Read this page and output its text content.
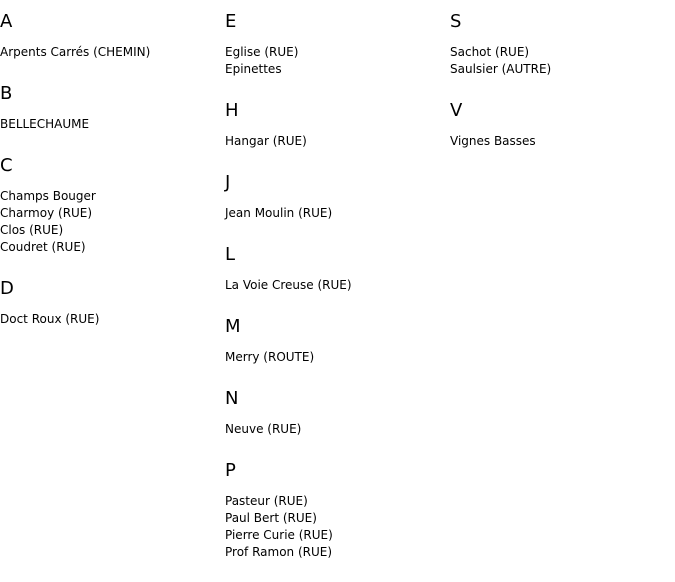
A
Arpents Carrés (CHEMIN)
B
BELLECHAUME
C
Champs Bouger
Charmoy (RUE)
Clos (RUE)
Coudret (RUE)
D
Doct Roux (RUE)
E
Eglise (RUE)
Epinettes
H
Hangar (RUE)
J
Jean Moulin (RUE)
L
La Voie Creuse (RUE)
M
Merry (ROUTE)
N
Neuve (RUE)
P
Pasteur (RUE)
Paul Bert (RUE)
Pierre Curie (RUE)
Prof Ramon (RUE)
S
Sachot (RUE)
Saulsier (AUTRE)
V
Vignes Basses
